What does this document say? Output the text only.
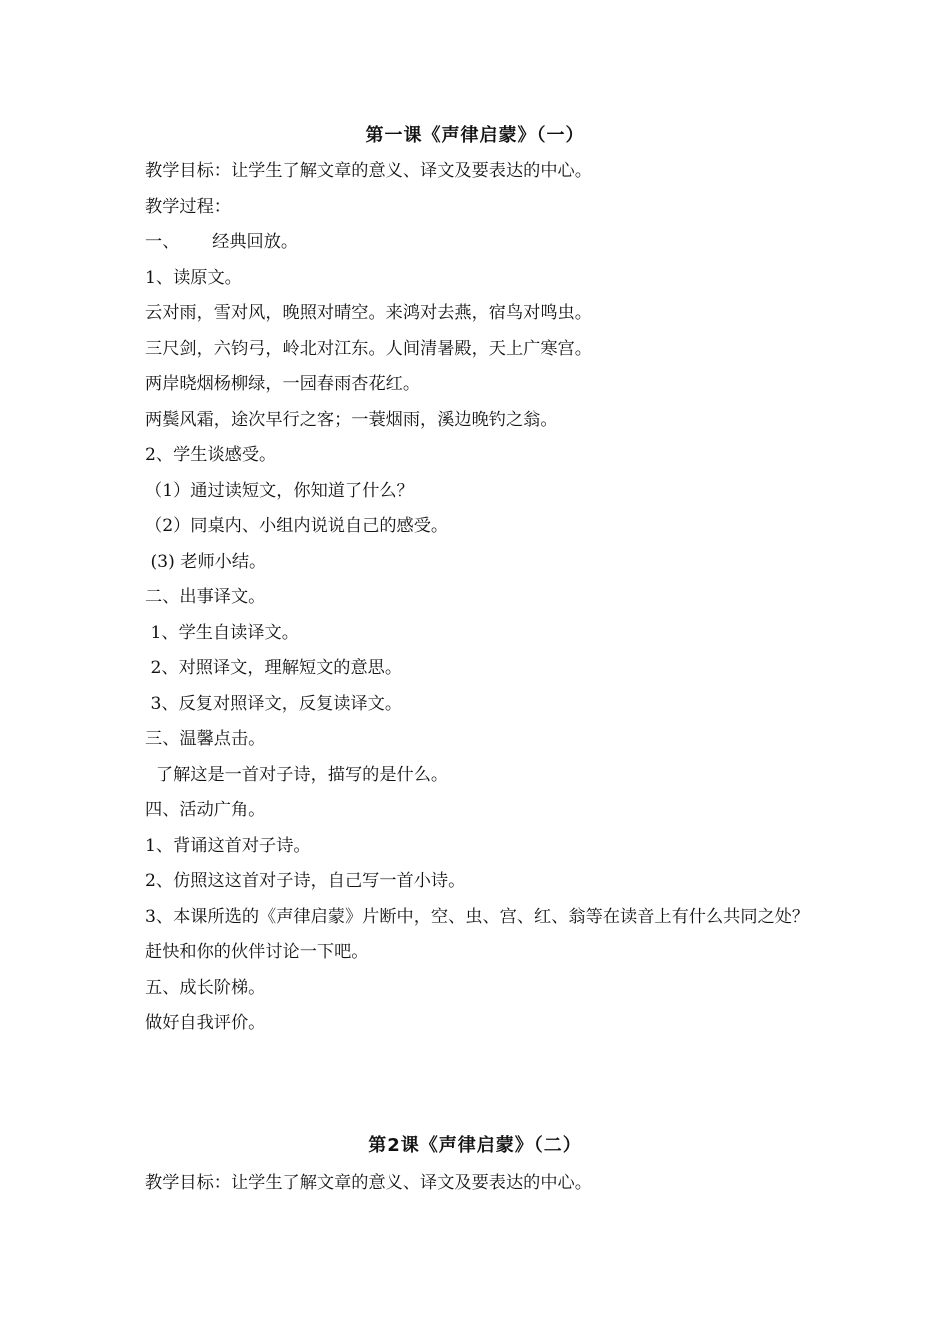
第一课《声律启蒙》（一）
教学目标：让学生了解文章的意义、译文及要表达的中心。
教学过程：
一、      经典回放。
1、读原文。
云对雨，雪对风，晚照对晴空。来鸿对去燕，宿鸟对鸣虫。
三尺剑，六钧弓，岭北对江东。人间清暑殿，天上广寒宫。
两岸晓烟杨柳绿，一园春雨杏花红。
两鬓风霜，途次早行之客；一蓑烟雨，溪边晚钓之翁。
2、学生谈感受。
（1）通过读短文，你知道了什么？
（2）同桌内、小组内说说自己的感受。
(3) 老师小结。
二、出事译文。
1、学生自读译文。
2、对照译文，理解短文的意思。
3、反复对照译文，反复读译文。
三、温馨点击。
了解这是一首对子诗，描写的是什么。
四、活动广角。
1、背诵这首对子诗。
2、仿照这这首对子诗，自己写一首小诗。
3、本课所选的《声律启蒙》片断中，空、虫、宫、红、翁等在读音上有什么共同之处？
赶快和你的伙伴讨论一下吧。
五、成长阶梯。
做好自我评价。
第2课《声律启蒙》（二）
教学目标：让学生了解文章的意义、译文及要表达的中心。
